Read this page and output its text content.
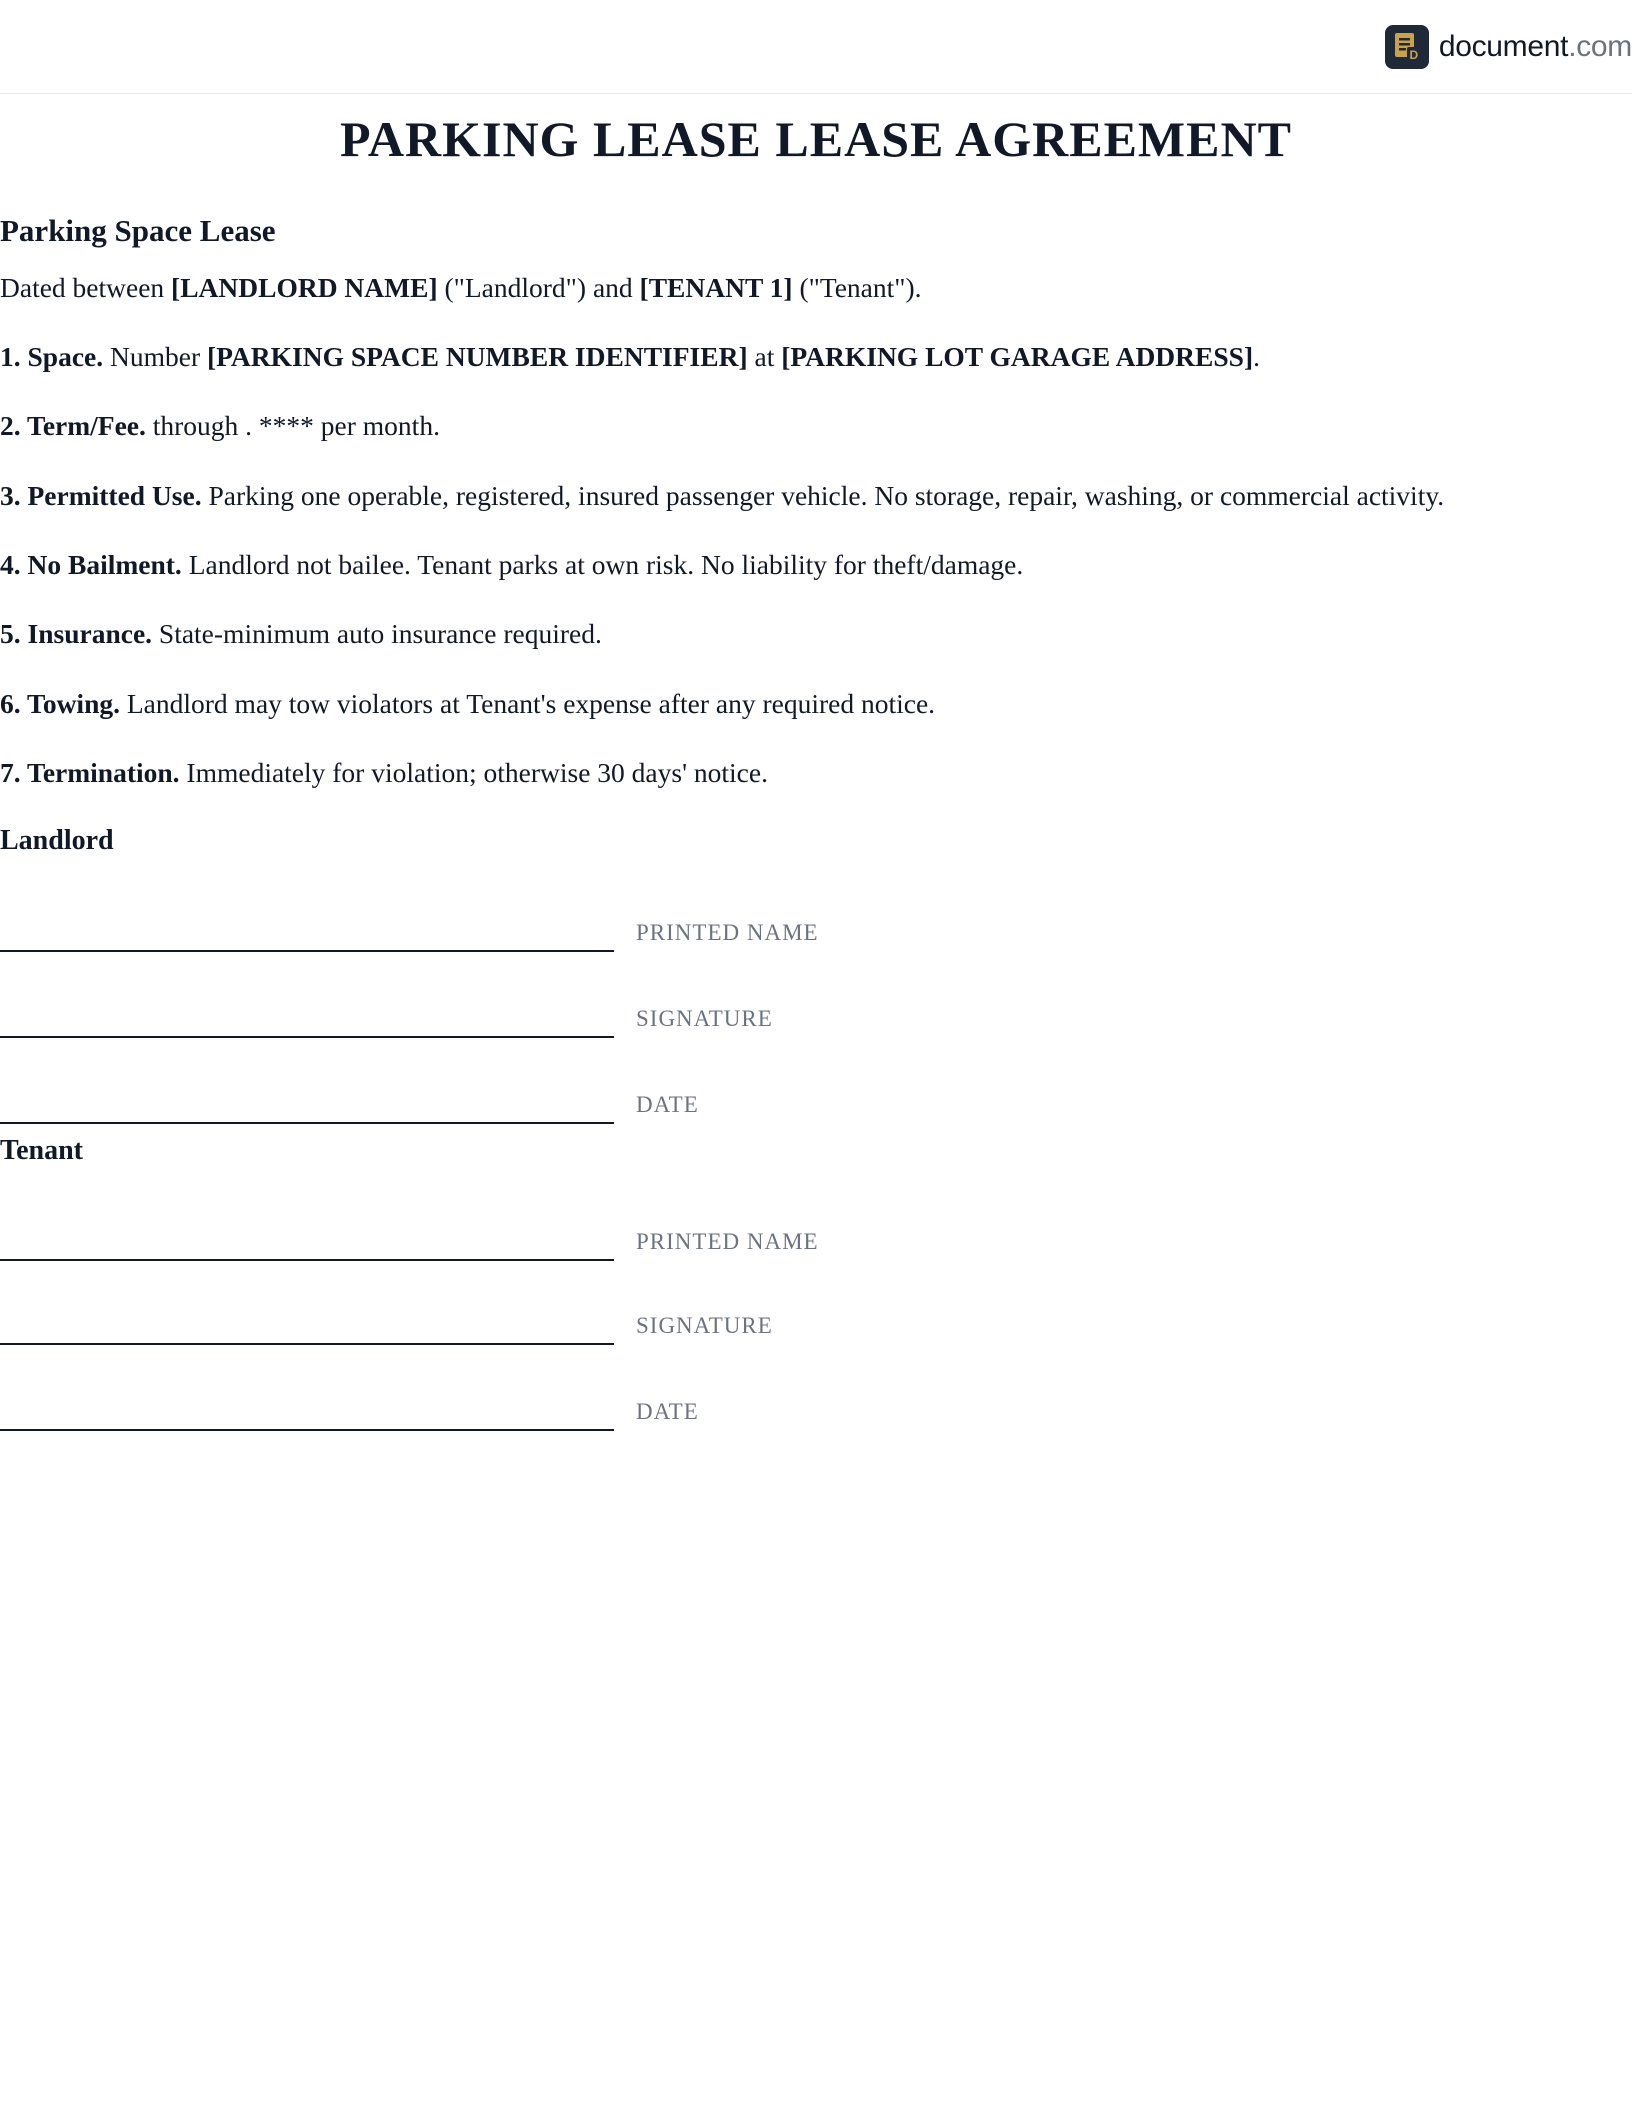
D document.com
PARKING LEASE LEASE AGREEMENT
Parking Space Lease

Dated between [LANDLORD NAME] ("Landlord") and [TENANT 1] ("Tenant").

1. Space. Number [PARKING SPACE NUMBER IDENTIFIER] at [PARKING LOT GARAGE ADDRESS].

2. Term/Fee. through . **** per month.

3. Permitted Use. Parking one operable, registered, insured passenger vehicle. No storage, repair, washing, or commercial activity.

4. No Bailment. Landlord not bailee. Tenant parks at own risk. No liability for theft/damage.

5. Insurance. State-minimum auto insurance required.

6. Towing. Landlord may tow violators at Tenant's expense after any required notice.

7. Termination. Immediately for violation; otherwise 30 days' notice.

Landlord
PRINTED NAME
SIGNATURE
DATE
Tenant
PRINTED NAME
SIGNATURE
DATE
